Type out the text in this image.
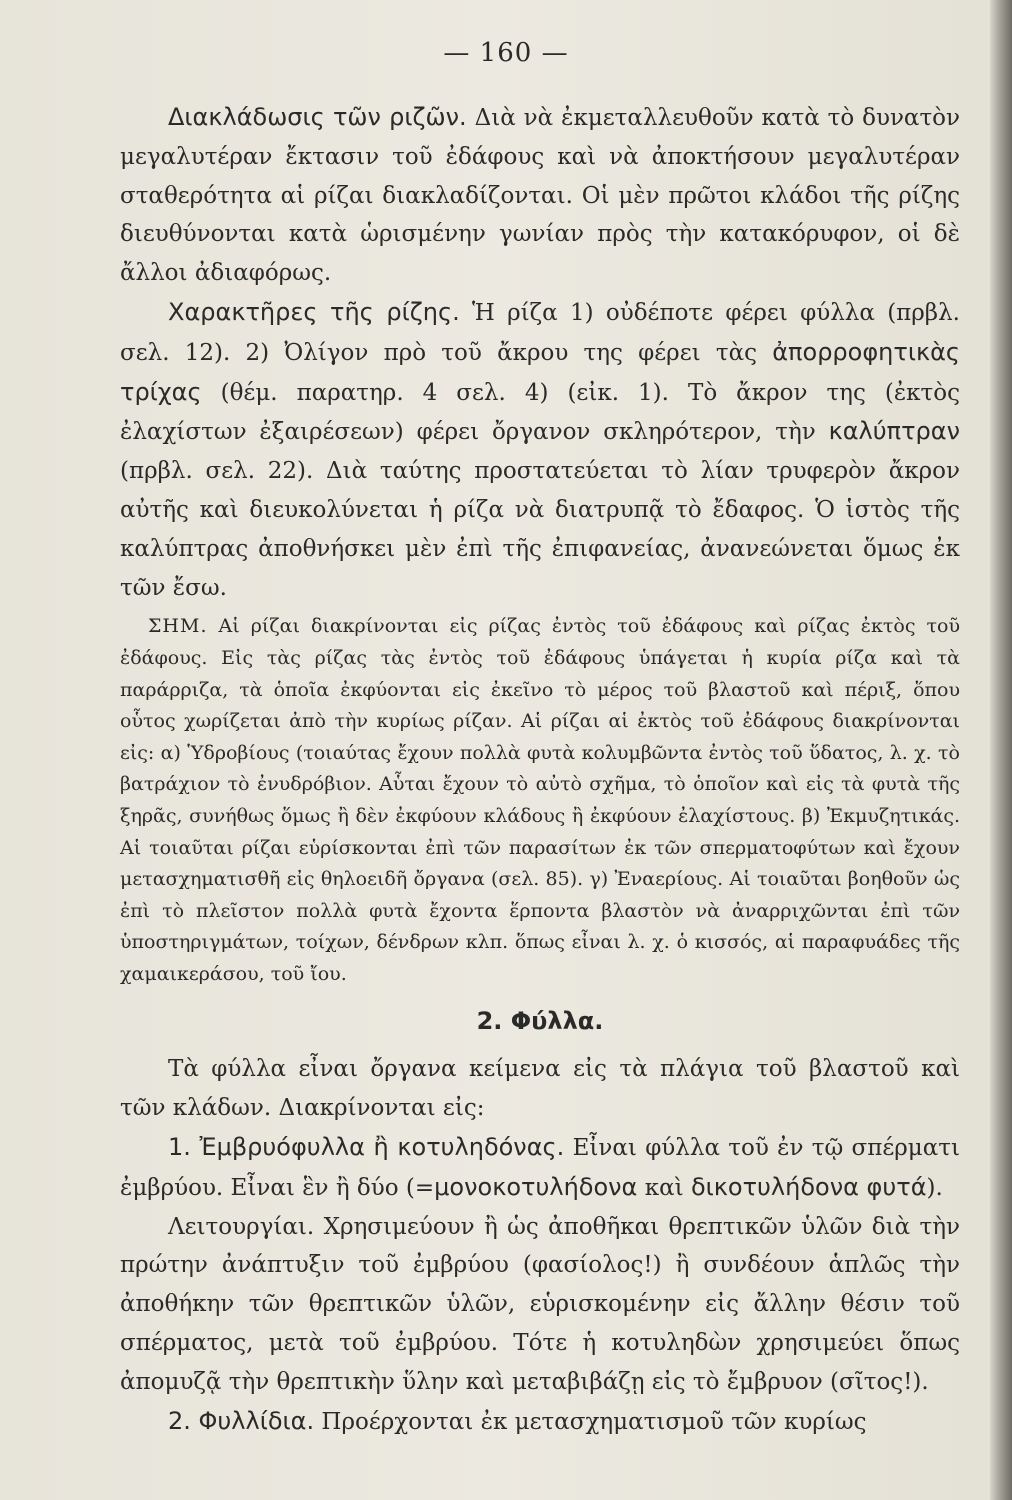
— 160 —

Διακλάδωσις τῶν ριζῶν. Διὰ νὰ ἐκμεταλλευθοῦν κατὰ τὸ δυνατὸν μεγαλυτέραν ἔκτασιν τοῦ ἐδάφους καὶ νὰ ἀποκτήσουν μεγαλυτέραν σταθερότητα αἱ ρίζαι διακλαδίζονται. Οἱ μὲν πρῶτοι κλάδοι τῆς ρίζης διευθύνονται κατὰ ὡρισμένην γωνίαν πρὸς τὴν κατακόρυφον, οἱ δὲ ἄλλοι ἀδιαφόρως.

Χαρακτῆρες τῆς ρίζης. Ἡ ρίζα 1) οὐδέποτε φέρει φύλλα (πρβλ. σελ. 12). 2) Ὀλίγον πρὸ τοῦ ἄκρου της φέρει τὰς ἀπορροφητικὰς τρίχας (θέμ. παρατηρ. 4 σελ. 4) (εἰκ. 1). Τὸ ἄκρον της (ἐκτὸς ἐλαχίστων ἐξαιρέσεων) φέρει ὄργανον σκληρότερον, τὴν καλύπτραν (πρβλ. σελ. 22). Διὰ ταύτης προστατεύεται τὸ λίαν τρυφερὸν ἄκρον αὐτῆς καὶ διευκολύνεται ἡ ρίζα νὰ διατρυπᾷ τὸ ἔδαφος. Ὁ ἱστὸς τῆς καλύπτρας ἀποθνήσκει μὲν ἐπὶ τῆς ἐπιφανείας, ἀνανεώνεται ὅμως ἐκ τῶν ἔσω.

ΣΗΜ. Αἱ ρίζαι διακρίνονται εἰς ρίζας ἐντὸς τοῦ ἐδάφους καὶ ρίζας ἐκτὸς τοῦ ἐδάφους. Εἰς τὰς ρίζας τὰς ἐντὸς τοῦ ἐδάφους ὑπάγεται ἡ κυρία ρίζα καὶ τὰ παράρριζα, τὰ ὁποῖα ἐκφύονται εἰς ἐκεῖνο τὸ μέρος τοῦ βλαστοῦ καὶ πέριξ, ὅπου οὗτος χωρίζεται ἀπὸ τὴν κυρίως ρίζαν. Αἱ ρίζαι αἱ ἐκτὸς τοῦ ἐδάφους διακρίνονται εἰς: α) Ὑδροβίους (τοιαύτας ἔχουν πολλὰ φυτὰ κολυμβῶντα ἐντὸς τοῦ ὕδατος, λ. χ. τὸ βατράχιον τὸ ἐνυδρόβιον. Αὗται ἔχουν τὸ αὐτὸ σχῆμα, τὸ ὁποῖον καὶ εἰς τὰ φυτὰ τῆς ξηρᾶς, συνήθως ὅμως ἢ δὲν ἐκφύουν κλάδους ἢ ἐκφύουν ἐλαχίστους. β) Ἐκμυζητικάς. Αἱ τοιαῦται ρίζαι εὑρίσκονται ἐπὶ τῶν παρασίτων ἐκ τῶν σπερματοφύτων καὶ ἔχουν μετασχηματισθῆ εἰς θηλοειδῆ ὄργανα (σελ. 85). γ) Ἐναερίους. Αἱ τοιαῦται βοηθοῦν ὡς ἐπὶ τὸ πλεῖστον πολλὰ φυτὰ ἔχοντα ἕρποντα βλαστὸν νὰ ἀναρριχῶνται ἐπὶ τῶν ὑποστηριγμάτων, τοίχων, δένδρων κλπ. ὅπως εἶναι λ. χ. ὁ κισσός, αἱ παραφυάδες τῆς χαμαικεράσου, τοῦ ἴου.

2. Φύλλα.

Τὰ φύλλα εἶναι ὄργανα κείμενα εἰς τὰ πλάγια τοῦ βλαστοῦ καὶ τῶν κλάδων. Διακρίνονται εἰς:

1. Ἐμβρυόφυλλα ἢ κοτυληδόνας. Εἶναι φύλλα τοῦ ἐν τῷ σπέρματι ἐμβρύου. Εἶναι ἓν ἢ δύο (=μονοκοτυλήδονα καὶ δικοτυλήδονα φυτά).

Λειτουργίαι. Χρησιμεύουν ἢ ὡς ἀποθῆκαι θρεπτικῶν ὑλῶν διὰ τὴν πρώτην ἀνάπτυξιν τοῦ ἐμβρύου (φασίολος!) ἢ συνδέουν ἁπλῶς τὴν ἀποθήκην τῶν θρεπτικῶν ὑλῶν, εὑρισκομένην εἰς ἄλλην θέσιν τοῦ σπέρματος, μετὰ τοῦ ἐμβρύου. Τότε ἡ κοτυληδὼν χρησιμεύει ὅπως ἀπομυζᾷ τὴν θρεπτικὴν ὕλην καὶ μεταβιβάζῃ εἰς τὸ ἔμβρυον (σῖτος!).

2. Φυλλίδια. Προέρχονται ἐκ μετασχηματισμοῦ τῶν κυρίως
